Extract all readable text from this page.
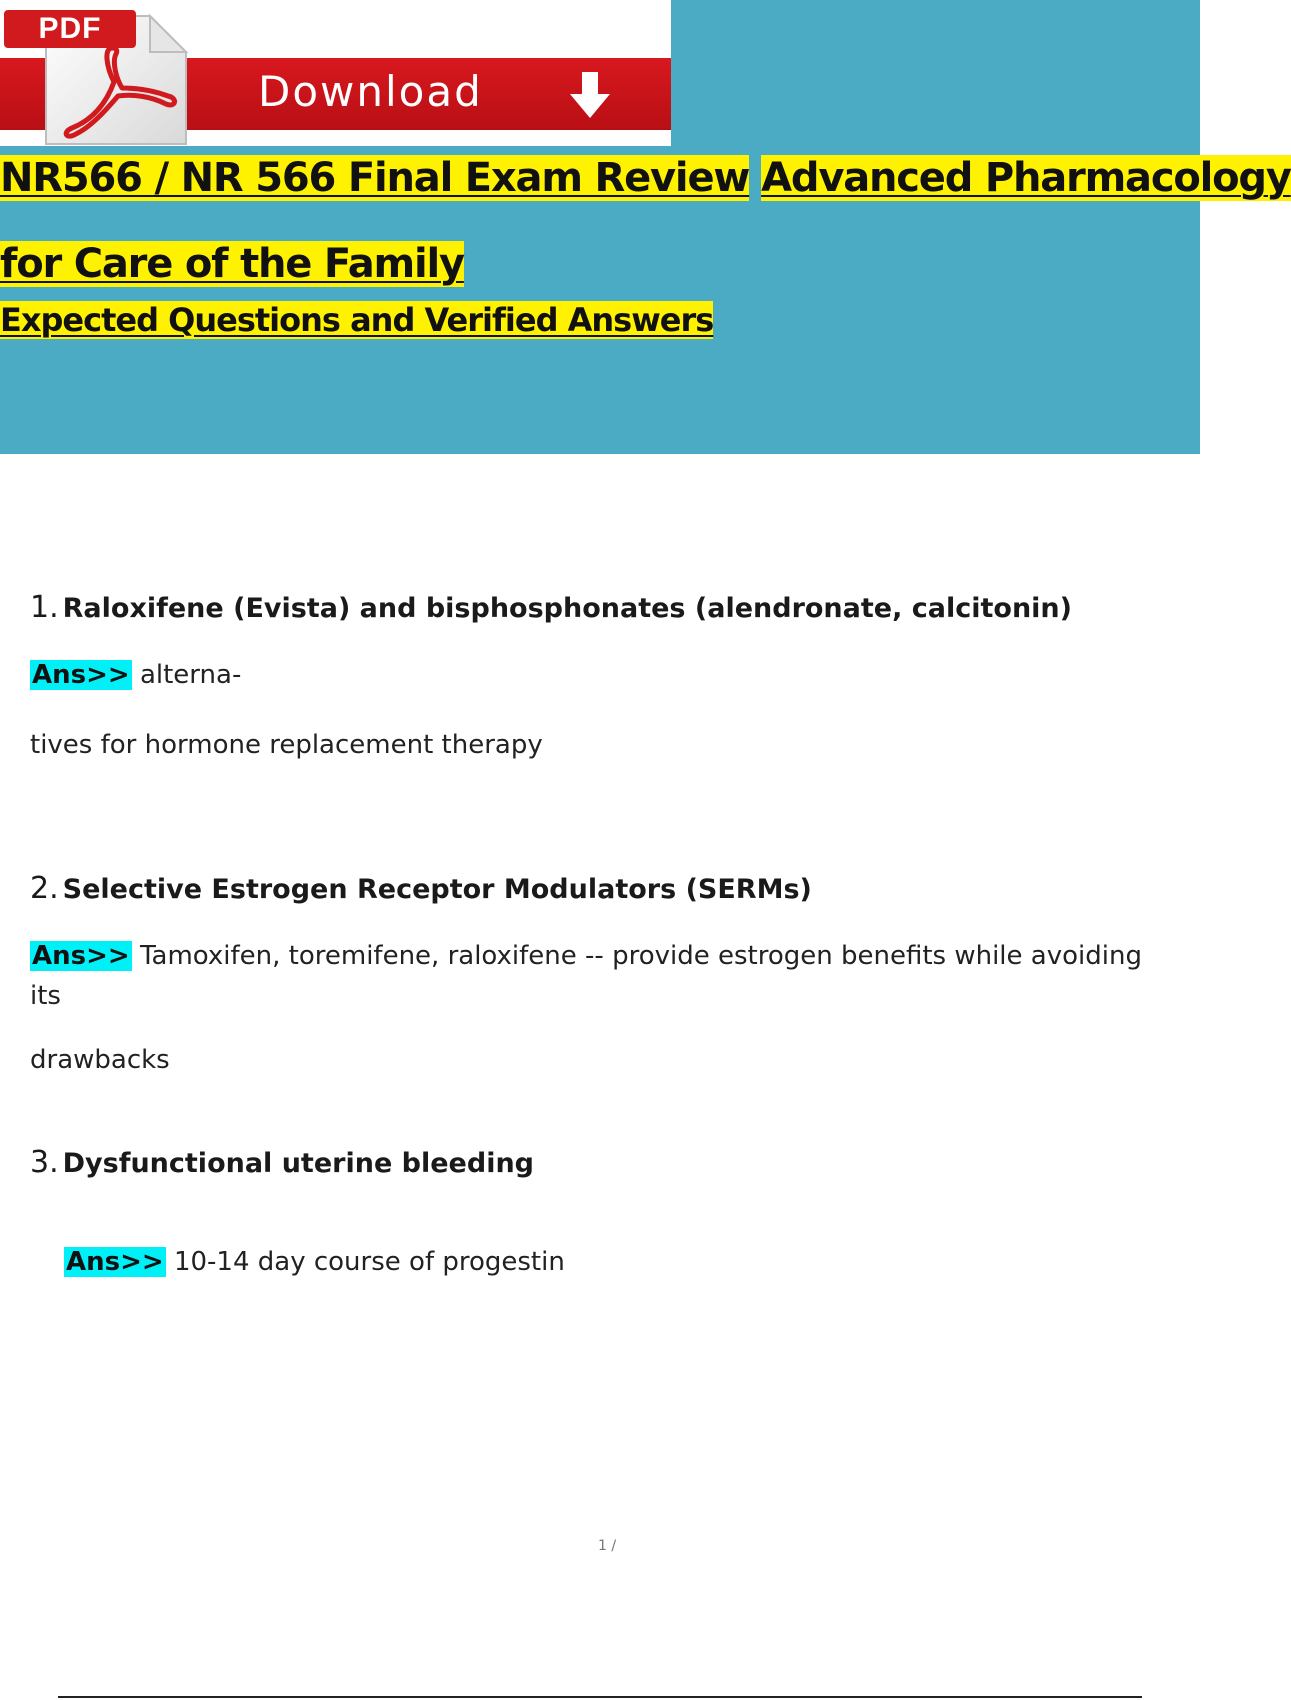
Download
PDF
NR566 / NR 566 Final Exam Review Advanced Pharmacology
for Care of the Family
Expected Questions and Verified Answers
1. Raloxifene (Evista) and bisphosphonates (alendronate, calcitonin)
Ans>> alterna-
tives for hormone replacement therapy
2. Selective Estrogen Receptor Modulators (SERMs)
Ans>> Tamoxifen, toremifene, raloxifene -- provide estrogen benefits while avoiding its
drawbacks
3. Dysfunctional uterine bleeding
Ans>> 10-14 day course of progestin
1 /
